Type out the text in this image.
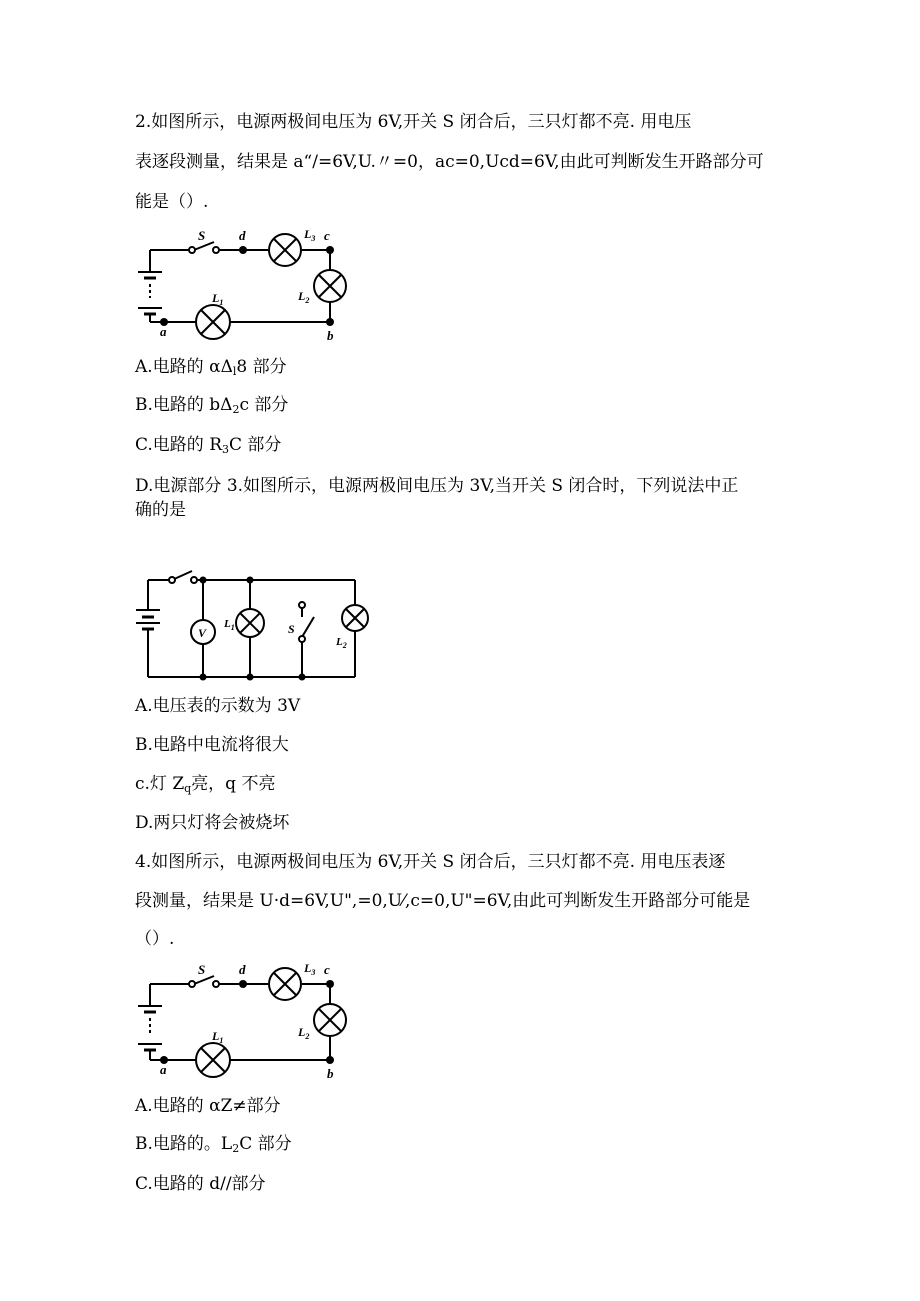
2.如图所示，电源两极间电压为 6V,开关 S 闭合后，三只灯都不亮. 用电压
表逐段测量，结果是 a“/=6V,U.〃=0，ac=0,Ucd=6V,由此可判断发生开路部分可
能是（）.
S	d	$L_3$ c
$L_2$
$L_1$
b
a
A.电路的 $\alpha\Delta_l8$ 部分
B.电路的 $b\Delta_2c$ 部分
C.电路的 $R_3C$ 部分
D.电源部分 3.如图所示，电源两极间电压为 3V,当开关 S 闭合时，下列说法中正
确的是
V
$L_1$	S
$L_2$
A.电压表的示数为 3V
B.电路中电流将很大
c.灯 $Z_q$亮，q 不亮
D.两只灯将会被烧坏
4.如图所示，电源两极间电压为 6V,开关 S 闭合后，三只灯都不亮. 用电压表逐
段测量，结果是 U·d=6V,U",=0,U⁄,c=0,U"=6V,由此可判断发生开路部分可能是
（）.
S	d	$L_3$ c
$L_2$
$L_1$
b
a
A.电路的 αZ≠部分
B.电路的。$L_2C$ 部分
C.电路的 d//部分
